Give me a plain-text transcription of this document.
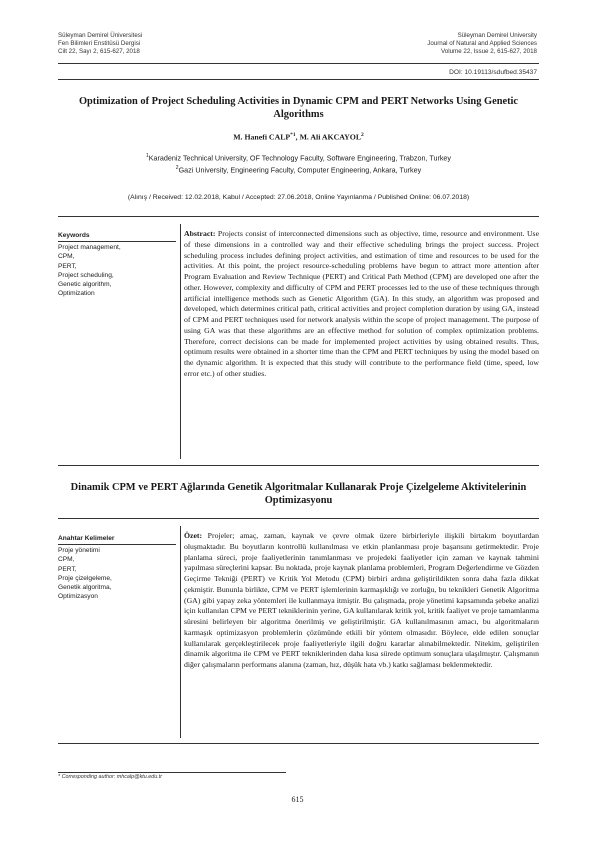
Süleyman Demirel Üniversitesi
Fen Bilimleri Enstitüsü Dergisi
Cilt 22, Sayı 2, 615-627, 2018
Süleyman Demirel University
Journal of Natural and Applied Sciences
Volume 22, Issue 2, 615-627, 2018
DOI: 10.19113/sdufbed.35437
Optimization of Project Scheduling Activities in Dynamic CPM and PERT Networks Using Genetic Algorithms
M. Hanefi CALP$^{*1}$, M. Ali AKCAYOL$^2$
$^1$Karadeniz Technical University, OF Technology Faculty, Software Engineering, Trabzon, Turkey
$^2$Gazi University, Engineering Faculty, Computer Engineering, Ankara, Turkey
(Alınış / Received: 12.02.2018, Kabul / Accepted: 27.06.2018, Online Yayınlanma / Published Online: 06.07.2018)
Keywords
Project management,
CPM,
PERT,
Project scheduling,
Genetic algorithm,
Optimization
Abstract: Projects consist of interconnected dimensions such as objective, time, resource and environment. Use of these dimensions in a controlled way and their effective scheduling brings the project success. Project scheduling process includes defining project activities, and estimation of time and resources to be used for the activities. At this point, the project resource-scheduling problems have begun to attract more attention after Program Evaluation and Review Technique (PERT) and Critical Path Method (CPM) are developed one after the other. However, complexity and difficulty of CPM and PERT processes led to the use of these techniques through artificial intelligence methods such as Genetic Algorithm (GA). In this study, an algorithm was proposed and developed, which determines critical path, critical activities and project completion duration by using GA, instead of CPM and PERT techniques used for network analysis within the scope of project management. The purpose of using GA was that these algorithms are an effective method for solution of complex optimization problems. Therefore, correct decisions can be made for implemented project activities by using obtained results. Thus, optimum results were obtained in a shorter time than the CPM and PERT techniques by using the model based on the dynamic algorithm. It is expected that this study will contribute to the performance field (time, speed, low error etc.) of other studies.
Dinamik CPM ve PERT Ağlarında Genetik Algoritmalar Kullanarak Proje Çizelgeleme Aktivitelerinin Optimizasyonu
Anahtar Kelimeler
Proje yönetimi
CPM,
PERT,
Proje çizelgeleme,
Genetik algoritma,
Optimizasyon
Özet: Projeler; amaç, zaman, kaynak ve çevre olmak üzere birbirleriyle ilişkili birtakım boyutlardan oluşmaktadır. Bu boyutların kontrollü kullanılması ve etkin planlanması proje başarısını getirmektedir. Proje planlama süreci, proje faaliyetlerinin tanımlanması ve projedeki faaliyetler için zaman ve kaynak tahmini yapılması süreçlerini kapsar. Bu noktada, proje kaynak planlama problemleri, Program Değerlendirme ve Gözden Geçirme Tekniği (PERT) ve Kritik Yol Metodu (CPM) birbiri ardına geliştirildikten sonra daha fazla dikkat çekmiştir. Bununla birlikte, CPM ve PERT işlemlerinin karmaşıklığı ve zorluğu, bu teknikleri Genetik Algoritma (GA) gibi yapay zeka yöntemleri ile kullanmaya itmiştir. Bu çalışmada, proje yönetimi kapsamında şebeke analizi için kullanılan CPM ve PERT tekniklerinin yerine, GA kullanılarak kritik yol, kritik faaliyet ve proje tamamlanma süresini belirleyen bir algoritma önerilmiş ve geliştirilmiştir. GA kullanılmasının amacı, bu algoritmaların karmaşık optimizasyon problemlerin çözümünde etkili bir yöntem olmasıdır. Böylece, elde edilen sonuçlar kullanılarak gerçekleştirilecek proje faaliyetleriyle ilgili doğru kararlar alınabilmektedir. Nitekim, geliştirilen dinamik algoritma ile CPM ve PERT tekniklerinden daha kısa sürede optimum sonuçlara ulaşılmıştır. Çalışmanın diğer çalışmaların performans alanına (zaman, hız, düşük hata vb.) katkı sağlaması beklenmektedir.
* Corresponding author: mhcalp@ktu.edu.tr
615
